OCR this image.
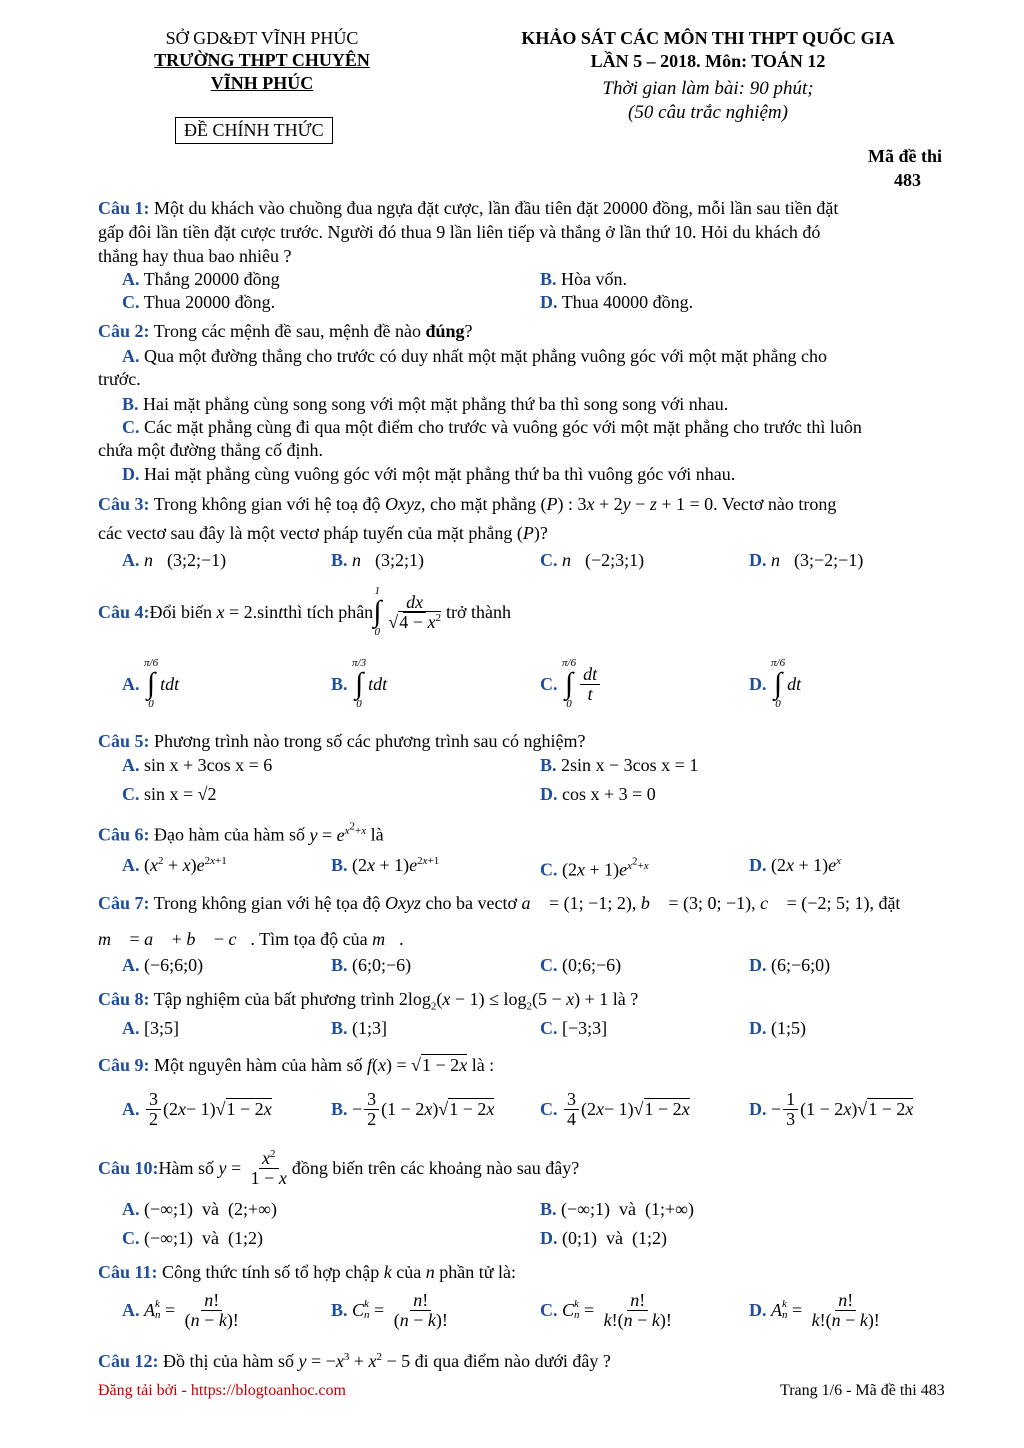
SỞ GD&ĐT VĨNH PHÚC
TRƯỜNG THPT CHUYÊN
VĨNH PHÚC
ĐỀ CHÍNH THỨC
KHẢO SÁT CÁC MÔN THI THPT QUỐC GIA
LẦN 5 – 2018. Môn: TOÁN 12
Thời gian làm bài: 90 phút;
(50 câu trắc nghiệm)
Mã đề thi
483
Câu 1: Một du khách vào chuồng đua ngựa đặt cược, lần đầu tiên đặt 20000 đồng, mỗi lần sau tiền đặt
gấp đôi lần tiền đặt cược trước. Người đó thua 9 lần liên tiếp và thắng ở lần thứ 10. Hỏi du khách đó
thắng hay thua bao nhiêu ?
A. Thắng 20000 đồng	B. Hòa vốn.
C. Thua 20000 đồng.	D. Thua 40000 đồng.
Câu 2: Trong các mệnh đề sau, mệnh đề nào đúng?
A. Qua một đường thẳng cho trước có duy nhất một mặt phẳng vuông góc với một mặt phẳng cho
trước.
B. Hai mặt phẳng cùng song song với một mặt phẳng thứ ba thì song song với nhau.
C. Các mặt phẳng cùng đi qua một điểm cho trước và vuông góc với một mặt phẳng cho trước thì luôn
chứa một đường thẳng cố định.
D. Hai mặt phẳng cùng vuông góc với một mặt phẳng thứ ba thì vuông góc với nhau.
Câu 3: Trong không gian với hệ toạ độ Oxyz, cho mặt phẳng (P) : 3x + 2y − z + 1 = 0. Vectơ nào trong
các vectơ sau đây là một vectơ pháp tuyến của mặt phẳng (P)?
A. n⃗(3;2;−1)	B. n⃗(3;2;1)	C. n⃗(−2;3;1)	D. n⃗(3;−2;−1)
Câu 4: Đổi biến
x = 2.sint thì tích phân
1
∫
0
$\frac{dx}{√4 - x^2}$ trở thành
A.

π/6
∫
0
tdt	B.

π/3
∫
0
tdt	C.

π/6
∫
0
$\frac{dt}{t}$	D.

π/6
∫
0
dt
Câu 5: Phương trình nào trong số các phương trình sau có nghiệm?
A. sin x + 3cos x = 6	B. 2sin x − 3cos x = 1
C. sin x = √2	D. cos x + 3 = 0
Câu 6: Đạo hàm của hàm số $y = e^{x^2+x}$ là
A. $(x^2 + x)e^{2x+1}$	B. $(2x + 1)e^{2x+1}$	C. $(2x + 1)e^{x^2+x}$	D. $(2x + 1)e^x$
Câu 7: Trong không gian với hệ tọa độ Oxyz cho ba vectơ a⃗ = (1; −1; 2), b⃗ = (3; 0; −1), c⃗ = (−2; 5; 1), đặt
m⃗ = a⃗ + b⃗ − c⃗. Tìm tọa độ của m⃗.
A. (−6;6;0)	B. (6;0;−6)	C. (0;6;−6)	D. (6;−6;0)
Câu 8: Tập nghiệm của bất phương trình $2\log_2(x - 1) \le \log_2(5 - x) + 1$ là ?
A. [3;5]	B. (1;3]	C. [−3;3]	D. (1;5)
Câu 9: Một nguyên hàm của hàm số f(x) = √1 − 2x là :
A.
$\frac{3}{2} (2$ x − 1)√ 1 − 2x	B. − $\frac{3}{2} (1 - 2$ x )√ 1 − 2x	C.
$\frac{3}{4} (2$ x − 1)√ 1 − 2x	D. − $\frac{1}{3} (1 - 2$ x )√ 1 − 2x
Câu 10: Hàm số
$y = \frac{x^2}{1 - x}$ đồng biến trên các khoảng nào sau đây?
A. (−∞;1)  và  (2;+∞)	B. (−∞;1)  và  (1;+∞)
C. (−∞;1)  và  (1;2)	D. (0;1)  và  (1;2)
Câu 11: Công thức tính số tổ hợp chập k của n phần tử là:
A.
A k
$n = \frac{n!}{(n - k)!}$	B.
C k
$n = \frac{n!}{(n - k)!}$	C.
C k
$n = \frac{n!}{k!(n - k)!}$	D.
A k
$n = \frac{n!}{k!(n - k)!}$
Câu 12: Đồ thị của hàm số $y = -x^3 + x^2 - 5$ đi qua điểm nào dưới đây ?
Đăng tải bởi - https://blogtoanhoc.com	Trang 1/6 - Mã đề thi 483
